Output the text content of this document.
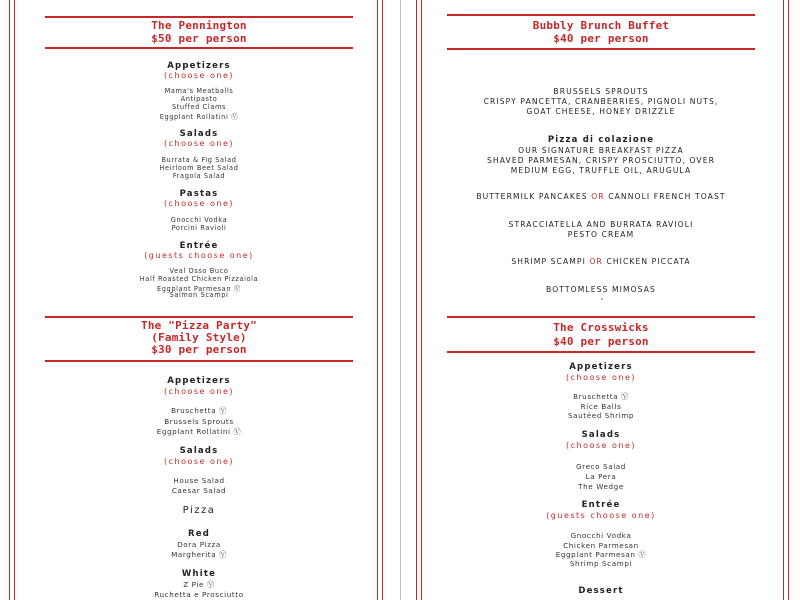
The Pennington
$50 per person
Appetizers
(choose one)
Mama's Meatballs
Antipasto
Stuffed Clams
Eggplant Rollatini Ⓥ
Salads
(choose one)
Burrata & Fig Salad
Heirloom Beet Salad
Fragola Salad
Pastas
(choose one)
Gnocchi Vodka
Porcini Ravioli
Entrée
(guests choose one)
Veal Osso Buco
Half Roasted Chicken Pizzaiola
Eggplant Parmesan Ⓥ
Salmon Scampi
Bubbly Brunch Buffet
$40 per person
BRUSSELS SPROUTS
CRISPY PANCETTA, CRANBERRIES, PIGNOLI NUTS,
GOAT CHEESE, HONEY DRIZZLE
Pizza di colazione
OUR SIGNATURE BREAKFAST PIZZA
SHAVED PARMESAN, CRISPY PROSCIUTTO, OVER
MEDIUM EGG, TRUFFLE OIL, ARUGULA
BUTTERMILK PANCAKES OR CANNOLI FRENCH TOAST
STRACCIATELLA AND BURRATA RAVIOLI
PESTO CREAM
SHRIMP SCAMPI OR CHICKEN PICCATA
BOTTOMLESS MIMOSAS
The "Pizza Party"
(Family Style)
$30 per person
Appetizers
(choose one)
Bruschetta Ⓥ
Brussels Sprouts
Eggplant Rollatini Ⓥ
Salads
(choose one)
House Salad
Caesar Salad
Pizza
Red
Dora Pizza
Margherita Ⓥ
White
Z Pie Ⓥ
Ruchetta e Prosciutto
The Crosswicks
$40 per person
Appetizers
(choose one)
Bruschetta Ⓥ
Rice Balls
Sautéed Shrimp
Salads
(choose one)
Greco Salad
La Pera
The Wedge
Entrée
(guests choose one)
Gnocchi Vodka
Chicken Parmesan
Eggplant Parmesan Ⓥ
Shrimp Scampi
Dessert
